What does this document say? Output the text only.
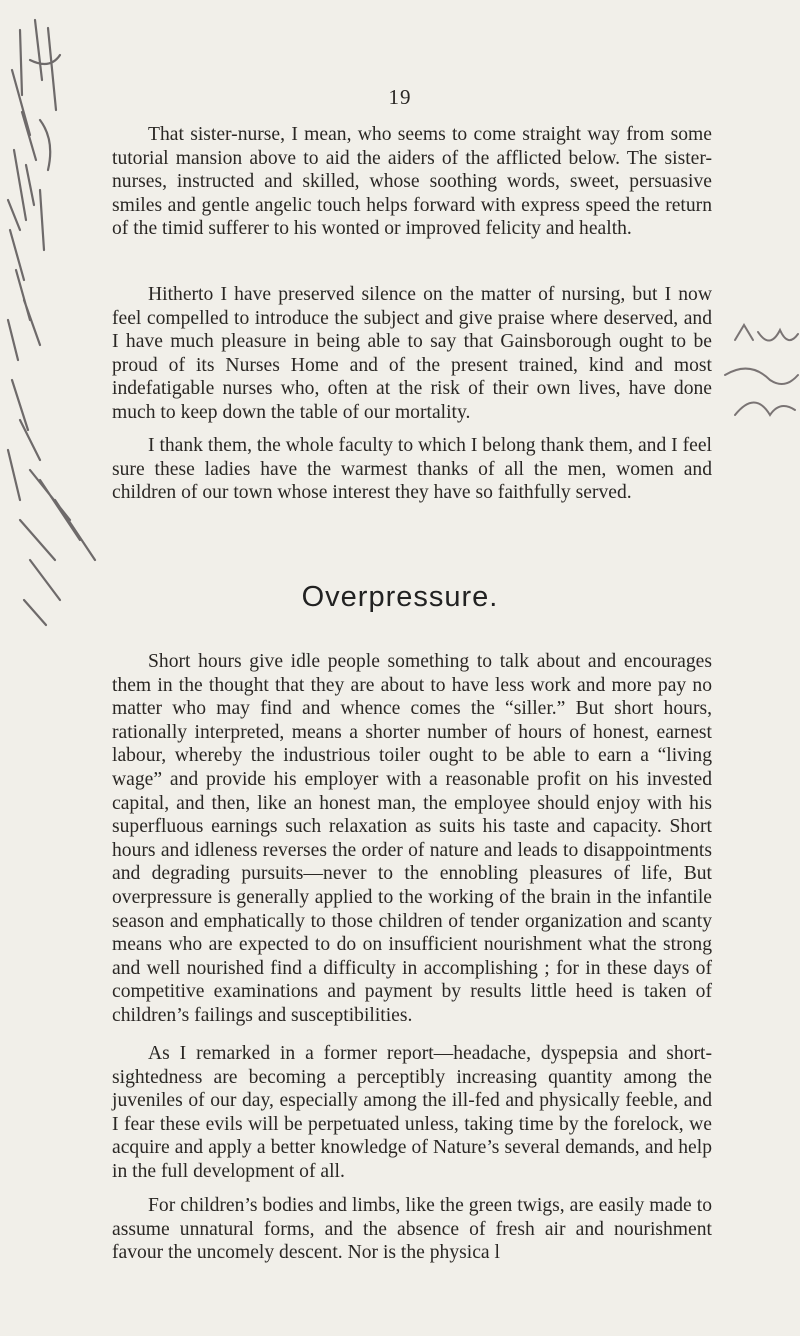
19

That sister-nurse, I mean, who seems to come straight way from some tutorial mansion above to aid the aiders of the afflicted below. The sister-nurses, instructed and skilled, whose soothing words, sweet, persuasive smiles and gentle angelic touch helps forward with express speed the return of the timid sufferer to his wonted or improved felicity and health.

Hitherto I have preserved silence on the matter of nursing, but I now feel compelled to introduce the subject and give praise where deserved, and I have much pleasure in being able to say that Gainsborough ought to be proud of its Nurses Home and of the present trained, kind and most indefatigable nurses who, often at the risk of their own lives, have done much to keep down the table of our mortality.

I thank them, the whole faculty to which I belong thank them, and I feel sure these ladies have the warmest thanks of all the men, women and children of our town whose interest they have so faithfully served.

Overpressure.

Short hours give idle people something to talk about and encourages them in the thought that they are about to have less work and more pay no matter who may find and whence comes the “siller.” But short hours, rationally interpreted, means a shorter number of hours of honest, earnest labour, whereby the industrious toiler ought to be able to earn a “living wage” and provide his employer with a reasonable profit on his invested capital, and then, like an honest man, the employee should enjoy with his superfluous earnings such relaxation as suits his taste and capacity. Short hours and idleness reverses the order of nature and leads to disappointments and degrading pursuits—never to the ennobling pleasures of life, But overpressure is generally applied to the working of the brain in the infantile season and emphatically to those children of tender organization and scanty means who are expected to do on insufficient nourishment what the strong and well nourished find a difficulty in accomplishing ; for in these days of competitive examinations and payment by results little heed is taken of children’s failings and susceptibilities.

As I remarked in a former report—headache, dyspepsia and short-sightedness are becoming a perceptibly increasing quantity among the juveniles of our day, especially among the ill-fed and physically feeble, and I fear these evils will be perpetuated unless, taking time by the forelock, we acquire and apply a better knowledge of Nature’s several demands, and help in the full development of all.

For children’s bodies and limbs, like the green twigs, are easily made to assume unnatural forms, and the absence of fresh air and nourishment favour the uncomely descent. Nor is the physica l
